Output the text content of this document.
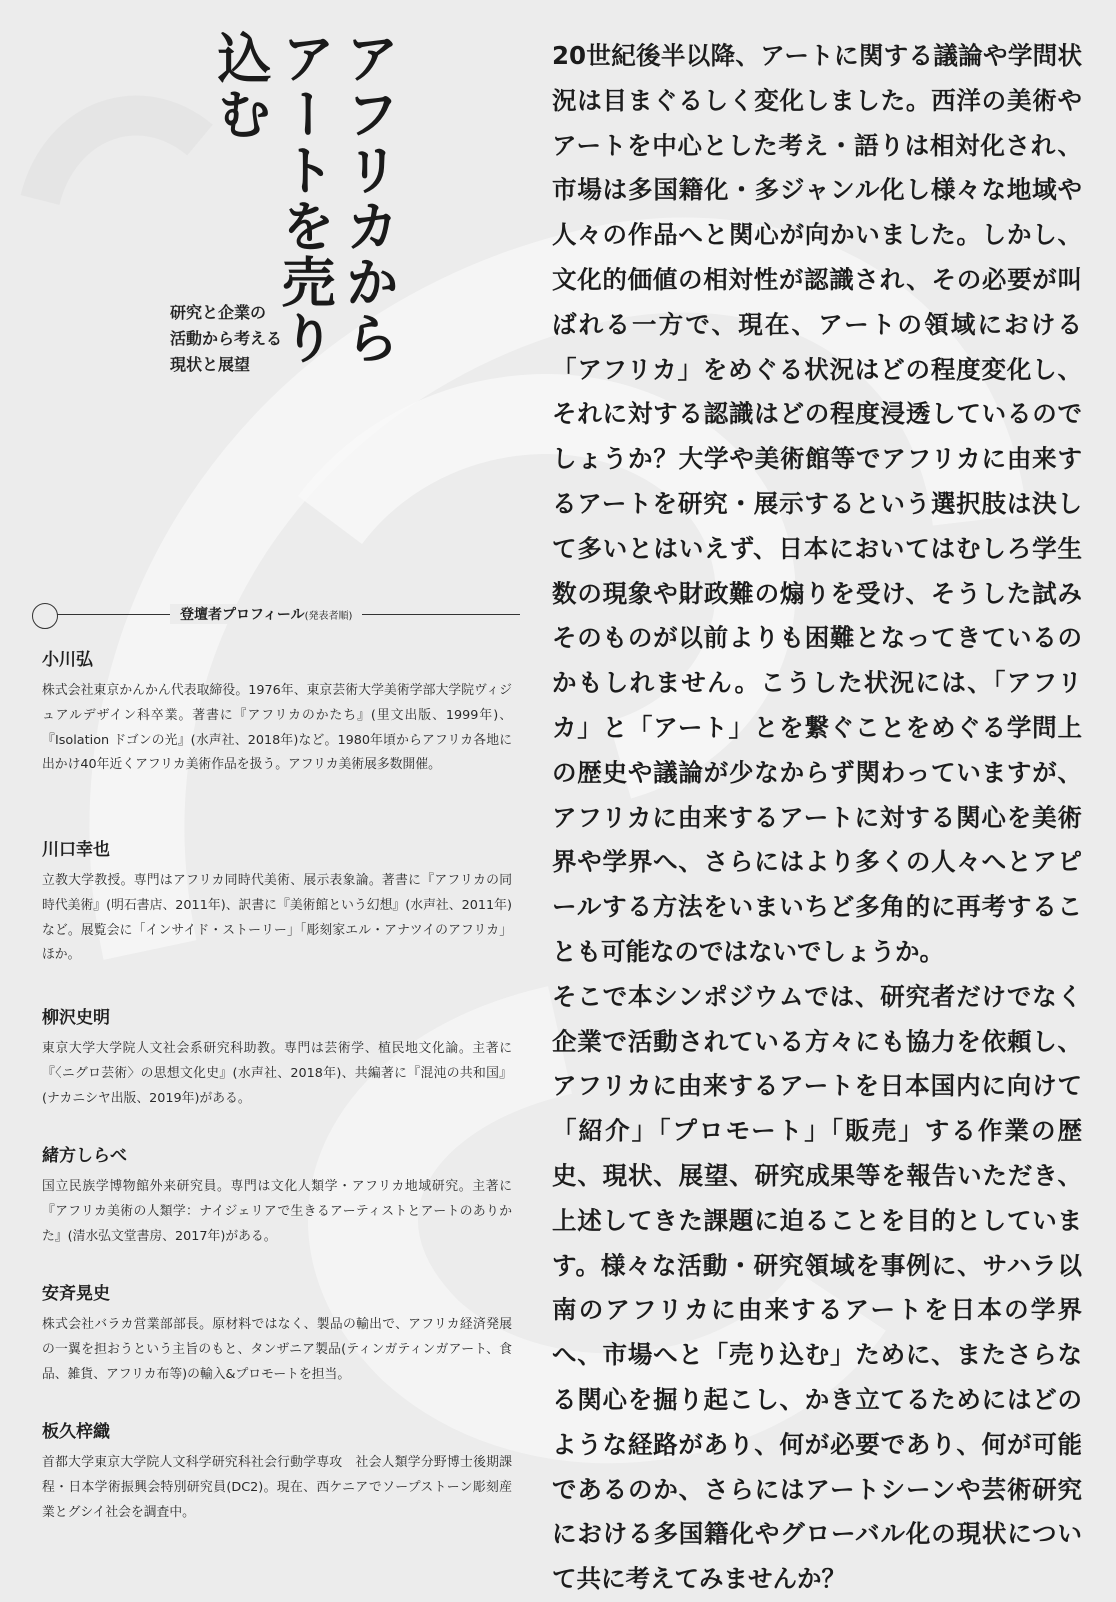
アフリカからアートを売り込む
研究と企業の
活動から考える
現状と展望

20世紀後半以降、アートに関する議論や学問状況は目まぐるしく変化しました。西洋の美術やアートを中心とした考え・語りは相対化され、市場は多国籍化・多ジャンル化し様々な地域や人々の作品へと関心が向かいました。しかし、文化的価値の相対性が認識され、その必要が叫ばれる一方で、現在、アートの領域における「アフリカ」をめぐる状況はどの程度変化し、それに対する認識はどの程度浸透しているのでしょうか？大学や美術館等でアフリカに由来するアートを研究・展示するという選択肢は決して多いとはいえず、日本においてはむしろ学生数の現象や財政難の煽りを受け、そうした試みそのものが以前よりも困難となってきているのかもしれません。こうした状況には、「アフリカ」と「アート」とを繋ぐことをめぐる学問上の歴史や議論が少なからず関わっていますが、アフリカに由来するアートに対する関心を美術界や学界へ、さらにはより多くの人々へとアピールする方法をいまいちど多角的に再考することも可能なのではないでしょうか。

そこで本シンポジウムでは、研究者だけでなく企業で活動されている方々にも協力を依頼し、アフリカに由来するアートを日本国内に向けて「紹介」「プロモート」「販売」する作業の歴史、現状、展望、研究成果等を報告いただき、上述してきた課題に迫ることを目的としています。様々な活動・研究領域を事例に、サハラ以南のアフリカに由来するアートを日本の学界へ、市場へと「売り込む」ために、またさらなる関心を掘り起こし、かき立てるためにはどのような経路があり、何が必要であり、何が可能であるのか、さらにはアートシーンや芸術研究における多国籍化やグローバル化の現状について共に考えてみませんか？

登壇者プロフィール(発表者順)
小川弘
株式会社東京かんかん代表取締役。1976年、東京芸術大学美術学部大学院ヴィジュアルデザイン科卒業。著書に『アフリカのかたち』(里文出版、1999年)、『Isolation ドゴンの光』(水声社、2018年)など。1980年頃からアフリカ各地に出かけ40年近くアフリカ美術作品を扱う。アフリカ美術展多数開催。
川口幸也
立教大学教授。専門はアフリカ同時代美術、展示表象論。著書に『アフリカの同時代美術』(明石書店、2011年)、訳書に『美術館という幻想』(水声社、2011年)など。展覧会に「インサイド・ストーリー」「彫刻家エル・アナツイのアフリカ」ほか。
柳沢史明
東京大学大学院人文社会系研究科助教。専門は芸術学、植民地文化論。主著に『〈ニグロ芸術〉の思想文化史』(水声社、2018年)、共編著に『混沌の共和国』(ナカニシヤ出版、2019年)がある。
緒方しらべ
国立民族学博物館外来研究員。専門は文化人類学・アフリカ地域研究。主著に『アフリカ美術の人類学：ナイジェリアで生きるアーティストとアートのありかた』(清水弘文堂書房、2017年)がある。
安斉晃史
株式会社バラカ営業部部長。原材料ではなく、製品の輸出で、アフリカ経済発展の一翼を担おうという主旨のもと、タンザニア製品(ティンガティンガアート、食品、雑貨、アフリカ布等)の輸入&プロモートを担当。
板久梓織
首都大学東京大学院人文科学研究科社会行動学専攻　社会人類学分野博士後期課程・日本学術振興会特別研究員(DC2)。現在、西ケニアでソープストーン彫刻産業とグシイ社会を調査中。
